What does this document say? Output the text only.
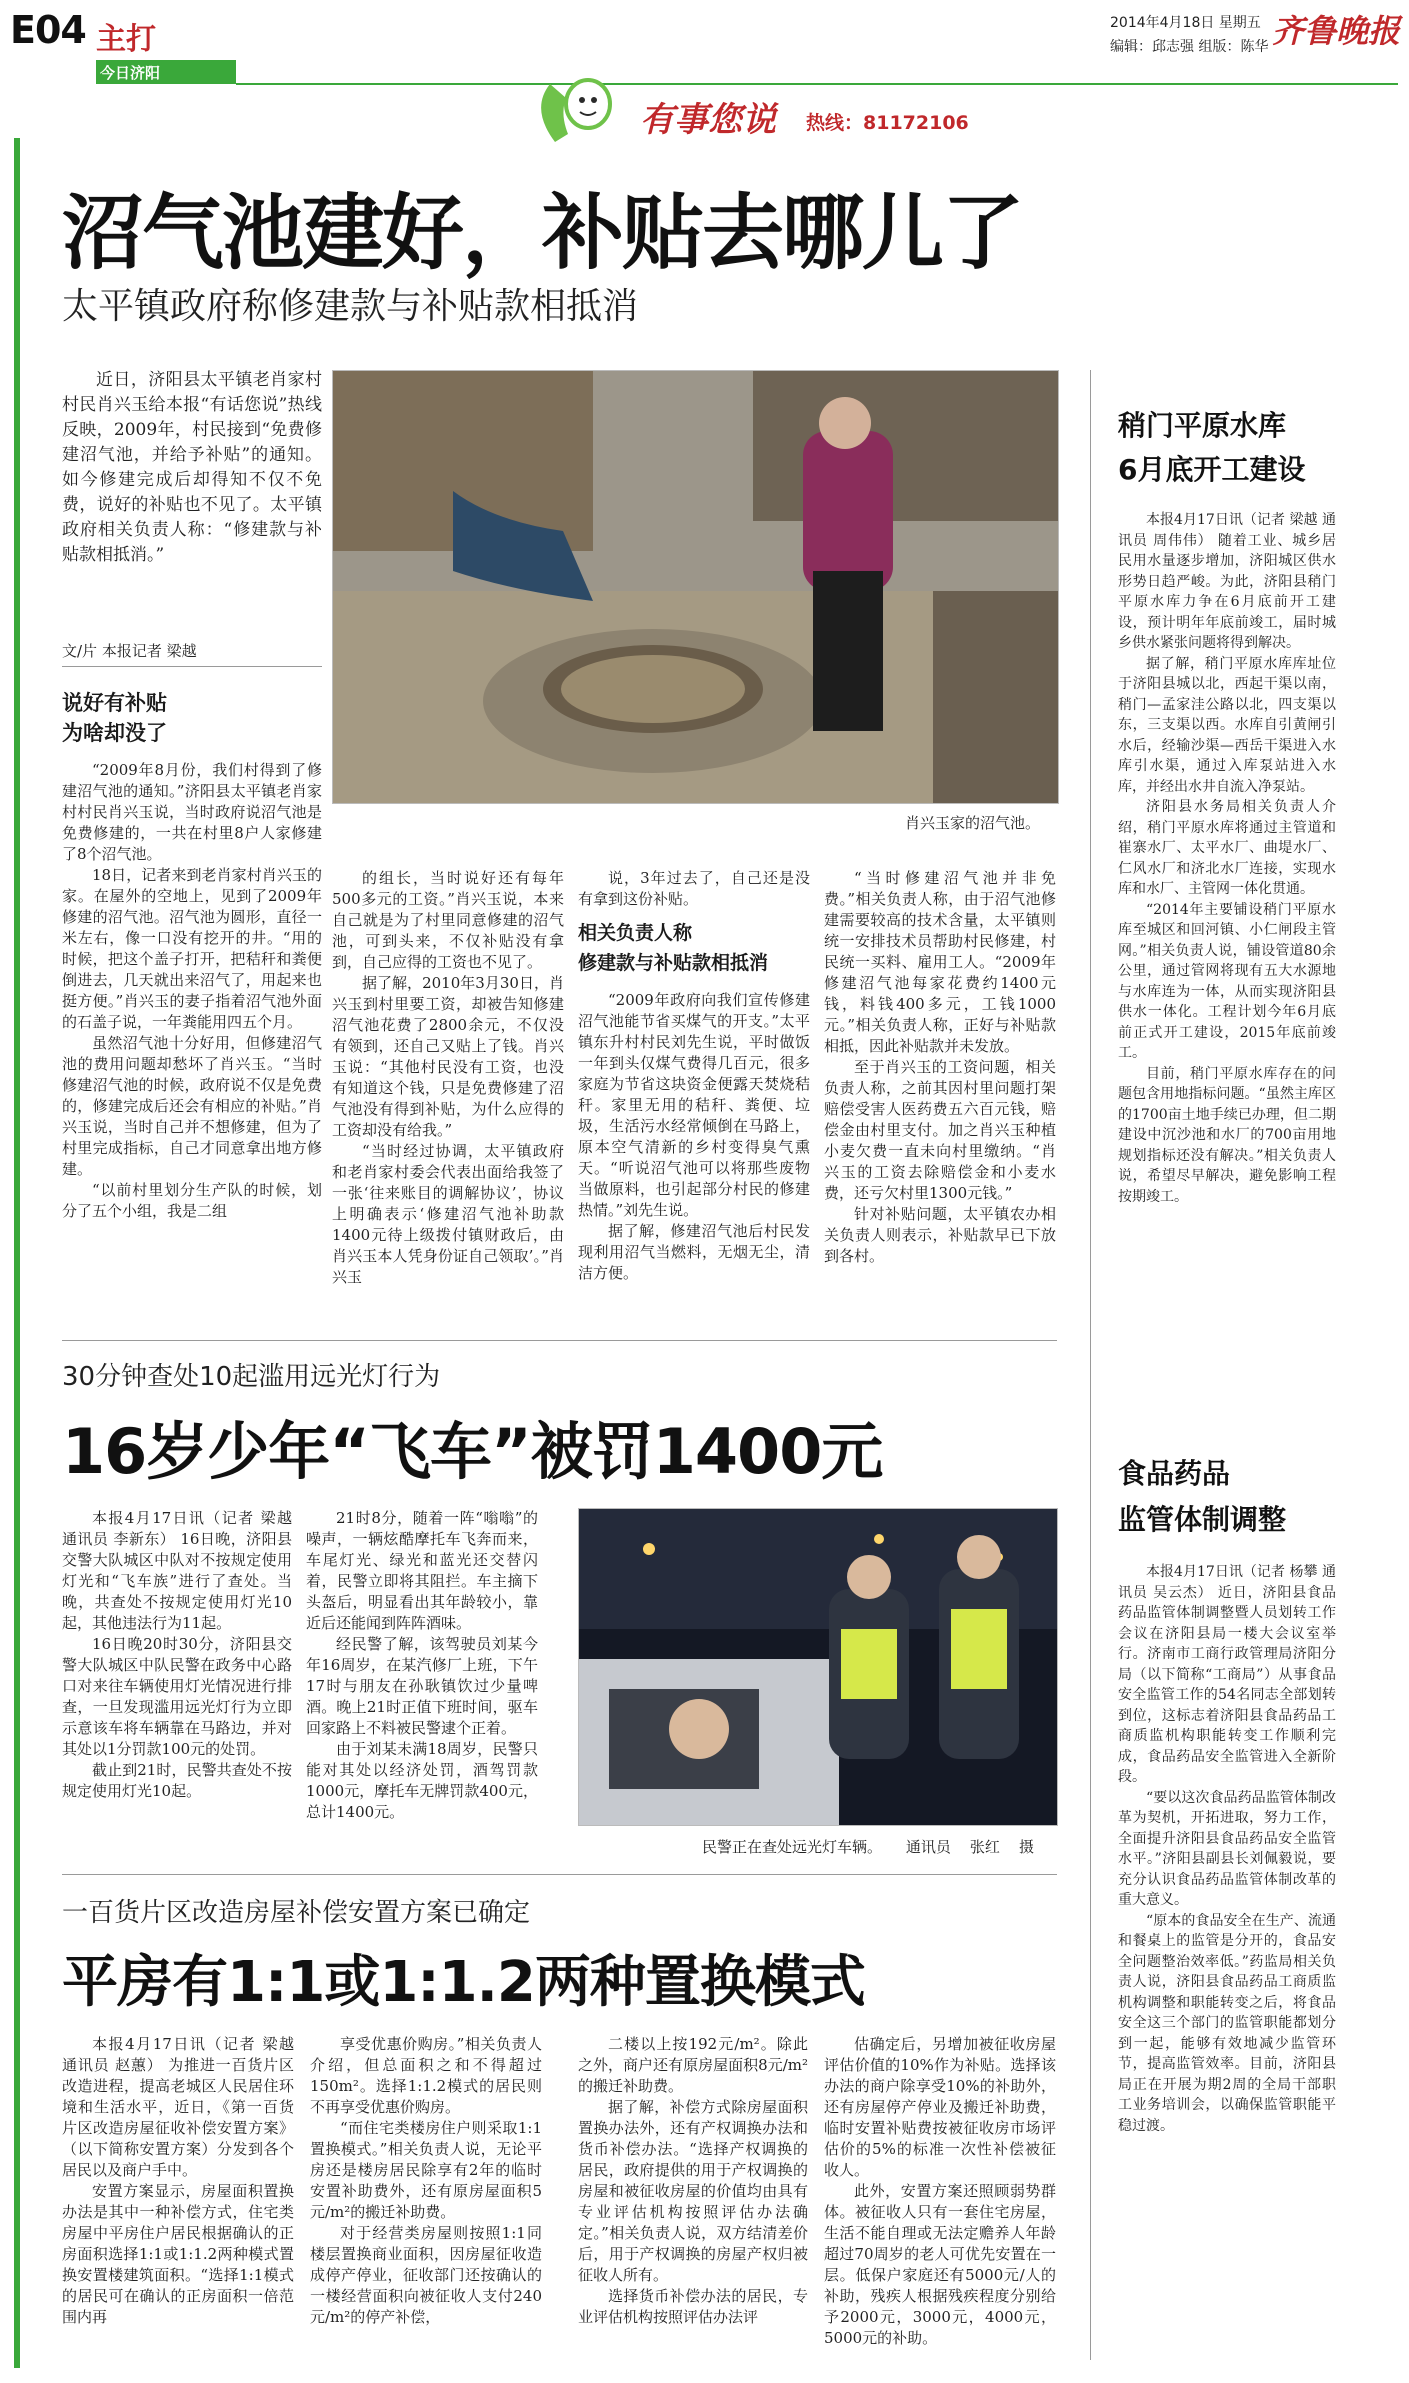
E04 主打
今日济阳
2014年4月18日 星期五
编辑：邱志强 组版：陈华 齐鲁晚报
有事您说 热线：81172106
沼气池建好，补贴去哪儿了
太平镇政府称修建款与补贴款相抵消

近日，济阳县太平镇老肖家村村民肖兴玉给本报“有话您说”热线反映，2009年，村民接到“免费修建沼气池，并给予补贴”的通知。如今修建完成后却得知不仅不免费，说好的补贴也不见了。太平镇政府相关负责人称：“修建款与补贴款相抵消。”

文/片 本报记者 梁越
肖兴玉家的沼气池。
说好有补贴
为啥却没了

“2009年8月份，我们村得到了修建沼气池的通知。”济阳县太平镇老肖家村村民肖兴玉说，当时政府说沼气池是免费修建的，一共在村里8户人家修建了8个沼气池。

18日，记者来到老肖家村肖兴玉的家。在屋外的空地上，见到了2009年修建的沼气池。沼气池为圆形，直径一米左右，像一口没有挖开的井。“用的时候，把这个盖子打开，把秸秆和粪便倒进去，几天就出来沼气了，用起来也挺方便。”肖兴玉的妻子指着沼气池外面的石盖子说，一年粪能用四五个月。

虽然沼气池十分好用，但修建沼气池的费用问题却愁坏了肖兴玉。“当时修建沼气池的时候，政府说不仅是免费的，修建完成后还会有相应的补贴。”肖兴玉说，当时自己并不想修建，但为了村里完成指标，自己才同意拿出地方修建。

“以前村里划分生产队的时候，划分了五个小组，我是二组

的组长，当时说好还有每年500多元的工资。”肖兴玉说，本来自己就是为了村里同意修建的沼气池，可到头来，不仅补贴没有拿到，自己应得的工资也不见了。

据了解，2010年3月30日，肖兴玉到村里要工资，却被告知修建沼气池花费了2800余元，不仅没有领到，还自己又贴上了钱。肖兴玉说：“其他村民没有工资，也没有知道这个钱，只是免费修建了沼气池没有得到补贴，为什么应得的工资却没有给我。”

“当时经过协调，太平镇政府和老肖家村委会代表出面给我签了一张‘往来账目的调解协议’，协议上明确表示‘修建沼气池补助款1400元待上级拨付镇财政后，由肖兴玉本人凭身份证自己领取’。”肖兴玉

说，3年过去了，自己还是没有拿到这份补贴。

相关负责人称
修建款与补贴款相抵消

“2009年政府向我们宣传修建沼气池能节省买煤气的开支。”太平镇东升村村民刘先生说，平时做饭一年到头仅煤气费得几百元，很多家庭为节省这块资金便露天焚烧秸秆。家里无用的秸秆、粪便、垃圾，生活污水经常倾倒在马路上，原本空气清新的乡村变得臭气熏天。“听说沼气池可以将那些废物当做原料，也引起部分村民的修建热情。”刘先生说。

据了解，修建沼气池后村民发现利用沼气当燃料，无烟无尘，清洁方便。

“当时修建沼气池并非免费。”相关负责人称，由于沼气池修建需要较高的技术含量，太平镇则统一安排技术员帮助村民修建，村民统一买料、雇用工人。“2009年修建沼气池每家花费约1400元钱，料钱400多元，工钱1000元。”相关负责人称，正好与补贴款相抵，因此补贴款并未发放。

至于肖兴玉的工资问题，相关负责人称，之前其因村里问题打架赔偿受害人医药费五六百元钱，赔偿金由村里支付。加之肖兴玉种植小麦欠费一直未向村里缴纳。“肖兴玉的工资去除赔偿金和小麦水费，还亏欠村里1300元钱。”

针对补贴问题，太平镇农办相关负责人则表示，补贴款早已下放到各村。

30分钟查处10起滥用远光灯行为
16岁少年“飞车”被罚1400元

本报4月17日讯（记者 梁越 通讯员 李新东） 16日晚，济阳县交警大队城区中队对不按规定使用灯光和“飞车族”进行了查处。当晚，共查处不按规定使用灯光10起，其他违法行为11起。

16日晚20时30分，济阳县交警大队城区中队民警在政务中心路口对来往车辆使用灯光情况进行排查，一旦发现滥用远光灯行为立即示意该车将车辆靠在马路边，并对其处以1分罚款100元的处罚。

截止到21时，民警共查处不按规定使用灯光10起。

21时8分，随着一阵“嗡嗡”的噪声，一辆炫酷摩托车飞奔而来，车尾灯光、绿光和蓝光还交替闪着，民警立即将其阻拦。车主摘下头盔后，明显看出其年龄较小，靠近后还能闻到阵阵酒味。

经民警了解，该驾驶员刘某今年16周岁，在某汽修厂上班，下午17时与朋友在孙耿镇饮过少量啤酒。晚上21时正值下班时间，驱车回家路上不料被民警逮个正着。

由于刘某未满18周岁，民警只能对其处以经济处罚，酒驾罚款1000元，摩托车无牌罚款400元，总计1400元。

民警正在查处远光灯车辆。     通讯员    张红    摄
一百货片区改造房屋补偿安置方案已确定
平房有1:1或1:1.2两种置换模式

本报4月17日讯（记者 梁越 通讯员 赵蕙） 为推进一百货片区改造进程，提高老城区人民居住环境和生活水平，近日，《第一百货片区改造房屋征收补偿安置方案》（以下简称安置方案）分发到各个居民以及商户手中。

安置方案显示，房屋面积置换办法是其中一种补偿方式，住宅类房屋中平房住户居民根据确认的正房面积选择1:1或1:1.2两种模式置换安置楼建筑面积。“选择1:1模式的居民可在确认的正房面积一倍范围内再

享受优惠价购房。”相关负责人介绍，但总面积之和不得超过150m²。选择1:1.2模式的居民则不再享受优惠价购房。

“而住宅类楼房住户则采取1:1置换模式。”相关负责人说，无论平房还是楼房居民除享有2年的临时安置补助费外，还有原房屋面积5元/m²的搬迁补助费。

对于经营类房屋则按照1:1同楼层置换商业面积，因房屋征收造成停产停业，征收部门还按确认的一楼经营面积向被征收人支付240元/m²的停产补偿，

二楼以上按192元/m²。除此之外，商户还有原房屋面积8元/m²的搬迁补助费。

据了解，补偿方式除房屋面积置换办法外，还有产权调换办法和货币补偿办法。“选择产权调换的居民，政府提供的用于产权调换的房屋和被征收房屋的价值均由具有专业评估机构按照评估办法确定。”相关负责人说，双方结清差价后，用于产权调换的房屋产权归被征收人所有。

选择货币补偿办法的居民，专业评估机构按照评估办法评

估确定后，另增加被征收房屋评估价值的10%作为补贴。选择该办法的商户除享受10%的补助外，还有房屋停产停业及搬迁补助费，临时安置补贴费按被征收房市场评估价的5%的标准一次性补偿被征收人。

此外，安置方案还照顾弱势群体。被征收人只有一套住宅房屋，生活不能自理或无法定赡养人年龄超过70周岁的老人可优先安置在一层。低保户家庭还有5000元/人的补助，残疾人根据残疾程度分别给予2000元，3000元，4000元，5000元的补助。

稍门平原水库
6月底开工建设

本报4月17日讯（记者 梁越 通讯员 周伟伟） 随着工业、城乡居民用水量逐步增加，济阳城区供水形势日趋严峻。为此，济阳县稍门平原水库力争在6月底前开工建设，预计明年年底前竣工，届时城乡供水紧张问题将得到解决。

据了解，稍门平原水库库址位于济阳县城以北，西起干渠以南，稍门—孟家洼公路以北，四支渠以东，三支渠以西。水库自引黄闸引水后，经输沙渠—西岳干渠进入水库引水渠，通过入库泵站进入水库，并经出水井自流入净泵站。

济阳县水务局相关负责人介绍，稍门平原水库将通过主管道和崔寨水厂、太平水厂、曲堤水厂、仁风水厂和济北水厂连接，实现水库和水厂、主管网一体化贯通。

“2014年主要铺设稍门平原水库至城区和回河镇、小仁闸段主管网。”相关负责人说，铺设管道80余公里，通过管网将现有五大水源地与水库连为一体，从而实现济阳县供水一体化。工程计划今年6月底前正式开工建设，2015年底前竣工。

目前，稍门平原水库存在的问题包含用地指标问题。“虽然主库区的1700亩土地手续已办理，但二期建设中沉沙池和水厂的700亩用地规划指标还没有解决。”相关负责人说，希望尽早解决，避免影响工程按期竣工。

食品药品
监管体制调整

本报4月17日讯（记者 杨攀 通讯员 吴云杰） 近日，济阳县食品药品监管体制调整暨人员划转工作会议在济阳县局一楼大会议室举行。济南市工商行政管理局济阳分局（以下简称“工商局”）从事食品安全监管工作的54名同志全部划转到位，这标志着济阳县食品药品工商质监机构职能转变工作顺利完成，食品药品安全监管进入全新阶段。

“要以这次食品药品监管体制改革为契机，开拓进取，努力工作，全面提升济阳县食品药品安全监管水平。”济阳县副县长刘佩毅说，要充分认识食品药品监管体制改革的重大意义。

“原本的食品安全在生产、流通和餐桌上的监管是分开的，食品安全问题整治效率低。”药监局相关负责人说，济阳县食品药品工商质监机构调整和职能转变之后，将食品安全这三个部门的监管职能都划分到一起，能够有效地减少监管环节，提高监管效率。目前，济阳县局正在开展为期2周的全局干部职工业务培训会，以确保监管职能平稳过渡。
